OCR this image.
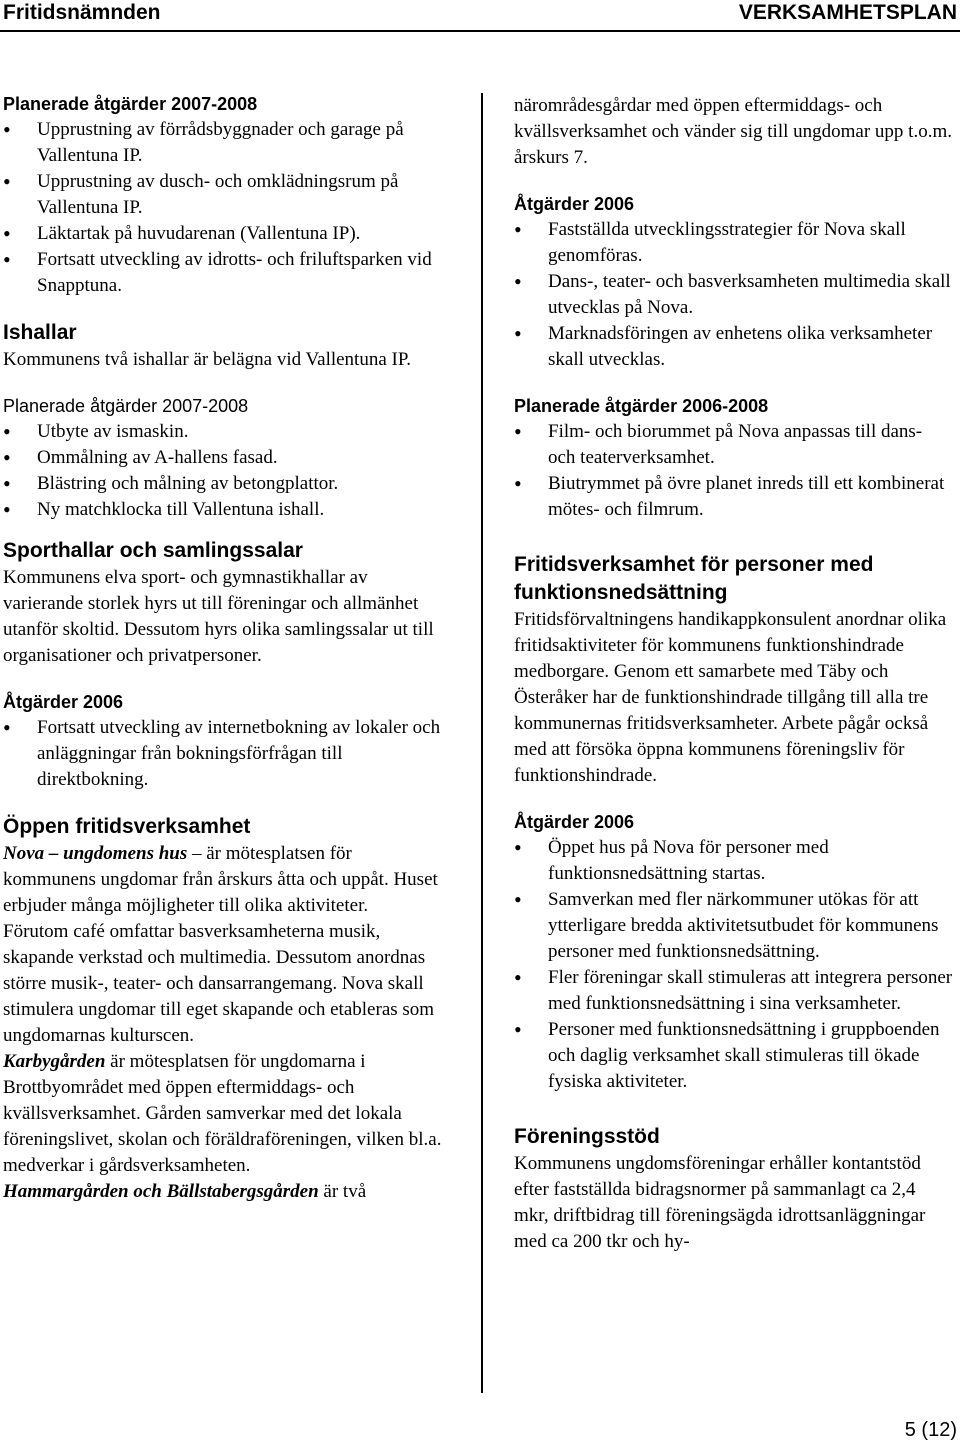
Fritidsnämnden	VERKSAMHETSPLAN
Planerade åtgärder 2007-2008
• Upprustning av förrådsbyggnader och garage på Vallentuna IP.
• Upprustning av dusch- och omklädningsrum på Vallentuna IP.
• Läktartak på huvudarenan (Vallentuna IP).
• Fortsatt utveckling av idrotts- och friluftsparken vid Snapptuna.
Ishallar

Kommunens två ishallar är belägna vid Vallentuna IP.

Planerade åtgärder 2007-2008
• Utbyte av ismaskin.
• Ommålning av A-hallens fasad.
• Blästring och målning av betongplattor.
• Ny matchklocka till Vallentuna ishall.
Sporthallar och samlingssalar

Kommunens elva sport- och gymnastikhallar av varierande storlek hyrs ut till föreningar och allmänhet utanför skoltid. Dessutom hyrs olika samlingssalar ut till organisationer och privatpersoner.

Åtgärder 2006
• Fortsatt utveckling av internetbokning av lokaler och anläggningar från bokningsförfrågan till direktbokning.
Öppen fritidsverksamhet

Nova – ungdomens hus – är mötesplatsen för kommunens ungdomar från årskurs åtta och uppåt. Huset erbjuder många möjligheter till olika aktiviteter.

Förutom café omfattar basverksamheterna musik, skapande verkstad och multimedia. Dessutom anordnas större musik-, teater- och dansarrangemang. Nova skall stimulera ungdomar till eget skapande och etableras som ungdomarnas kulturscen.

Karbygården är mötesplatsen för ungdomarna i Brottbyområdet med öppen eftermiddags- och kvällsverksamhet. Gården samverkar med det lokala föreningslivet, skolan och föräldraföreningen, vilken bl.a. medverkar i gårdsverksamheten.

Hammargården och Bällstabergsgården är två

närområdesgårdar med öppen eftermiddags- och kvällsverksamhet och vänder sig till ungdomar upp t.o.m. årskurs 7.

Åtgärder 2006
• Fastställda utvecklingsstrategier för Nova skall genomföras.
• Dans-, teater- och basverksamheten multimedia skall utvecklas på Nova.
• Marknadsföringen av enhetens olika verksamheter skall utvecklas.
Planerade åtgärder 2006-2008
• Film- och biorummet på Nova anpassas till dans- och teaterverksamhet.
• Biutrymmet på övre planet inreds till ett kombinerat mötes- och filmrum.
Fritidsverksamhet för personer med funktionsnedsättning

Fritidsförvaltningens handikappkonsulent anordnar olika fritidsaktiviteter för kommunens funktionshindrade medborgare. Genom ett samarbete med Täby och Österåker har de funktionshindrade tillgång till alla tre kommunernas fritidsverksamheter. Arbete pågår också med att försöka öppna kommunens föreningsliv för funktionshindrade.

Åtgärder 2006
• Öppet hus på Nova för personer med funktionsnedsättning startas.
• Samverkan med fler närkommuner utökas för att ytterligare bredda aktivitetsutbudet för kommunens personer med funktionsnedsättning.
• Fler föreningar skall stimuleras att integrera personer med funktionsnedsättning i sina verksamheter.
• Personer med funktionsnedsättning i gruppboenden och daglig verksamhet skall stimuleras till ökade fysiska aktiviteter.
Föreningsstöd

Kommunens ungdomsföreningar erhåller kontantstöd efter fastställda bidragsnormer på sammanlagt ca 2,4 mkr, driftbidrag till föreningsägda idrottsanläggningar med ca 200 tkr och hy-

5 (12)
